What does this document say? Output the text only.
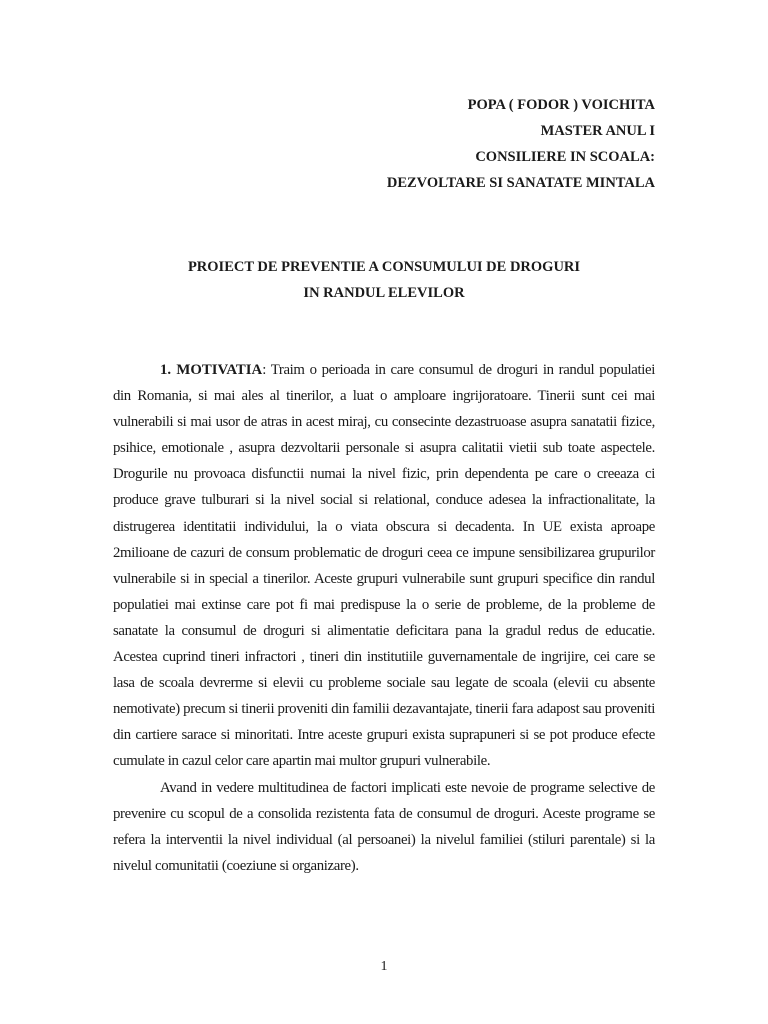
POPA ( FODOR ) VOICHITA
MASTER ANUL I
CONSILIERE IN SCOALA:
DEZVOLTARE SI SANATATE MINTALA
PROIECT DE PREVENTIE A CONSUMULUI DE DROGURI
IN RANDUL ELEVILOR

1. MOTIVATIA: Traim o perioada in care consumul de droguri in randul populatiei din Romania, si mai ales al tinerilor, a luat o amploare ingrijoratoare. Tinerii sunt cei mai vulnerabili si mai usor de atras in acest miraj, cu consecinte dezastruoase asupra sanatatii fizice, psihice, emotionale , asupra dezvoltarii personale si asupra calitatii vietii sub toate aspectele. Drogurile nu provoaca disfunctii numai la nivel fizic, prin dependenta pe care o creeaza ci produce grave tulburari si la nivel social si relational, conduce adesea la infractionalitate, la distrugerea identitatii individului, la o viata obscura si decadenta. In UE exista aproape 2milioane de cazuri de consum problematic de droguri ceea ce impune sensibilizarea grupurilor vulnerabile si in special a tinerilor. Aceste grupuri vulnerabile sunt grupuri specifice din randul populatiei mai extinse care pot fi mai predispuse la o serie de probleme, de la probleme de sanatate la consumul de droguri si alimentatie deficitara pana la gradul redus de educatie. Acestea cuprind tineri infractori , tineri din institutiile guvernamentale de ingrijire, cei care se lasa de scoala devrerme si elevii cu probleme sociale sau legate de scoala (elevii cu absente nemotivate) precum si tinerii proveniti din familii dezavantajate, tinerii fara adapost sau proveniti din cartiere sarace si minoritati. Intre aceste grupuri exista suprapuneri si se pot produce efecte cumulate in cazul celor care apartin mai multor grupuri vulnerabile.

Avand in vedere multitudinea de factori implicati este nevoie de programe selective de prevenire cu scopul de a consolida rezistenta fata de consumul de droguri. Aceste programe se refera la interventii la nivel individual (al persoanei) la nivelul familiei (stiluri parentale) si la nivelul comunitatii (coeziune si organizare).

1
